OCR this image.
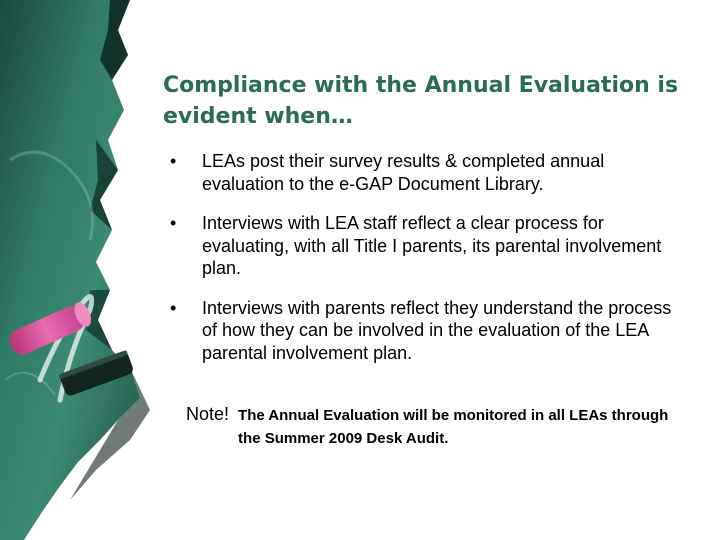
Compliance with the Annual Evaluation is evident when…
•	LEAs post their survey results & completed annual evaluation to the e-GAP Document Library.
•	Interviews with LEA staff reflect a clear process for evaluating, with all Title I parents, its parental involvement plan.
•	Interviews with parents reflect they understand the process of how they can be involved in the evaluation of the LEA parental involvement plan.
Note! The Annual Evaluation will be monitored in all LEAs through the Summer 2009 Desk Audit.
